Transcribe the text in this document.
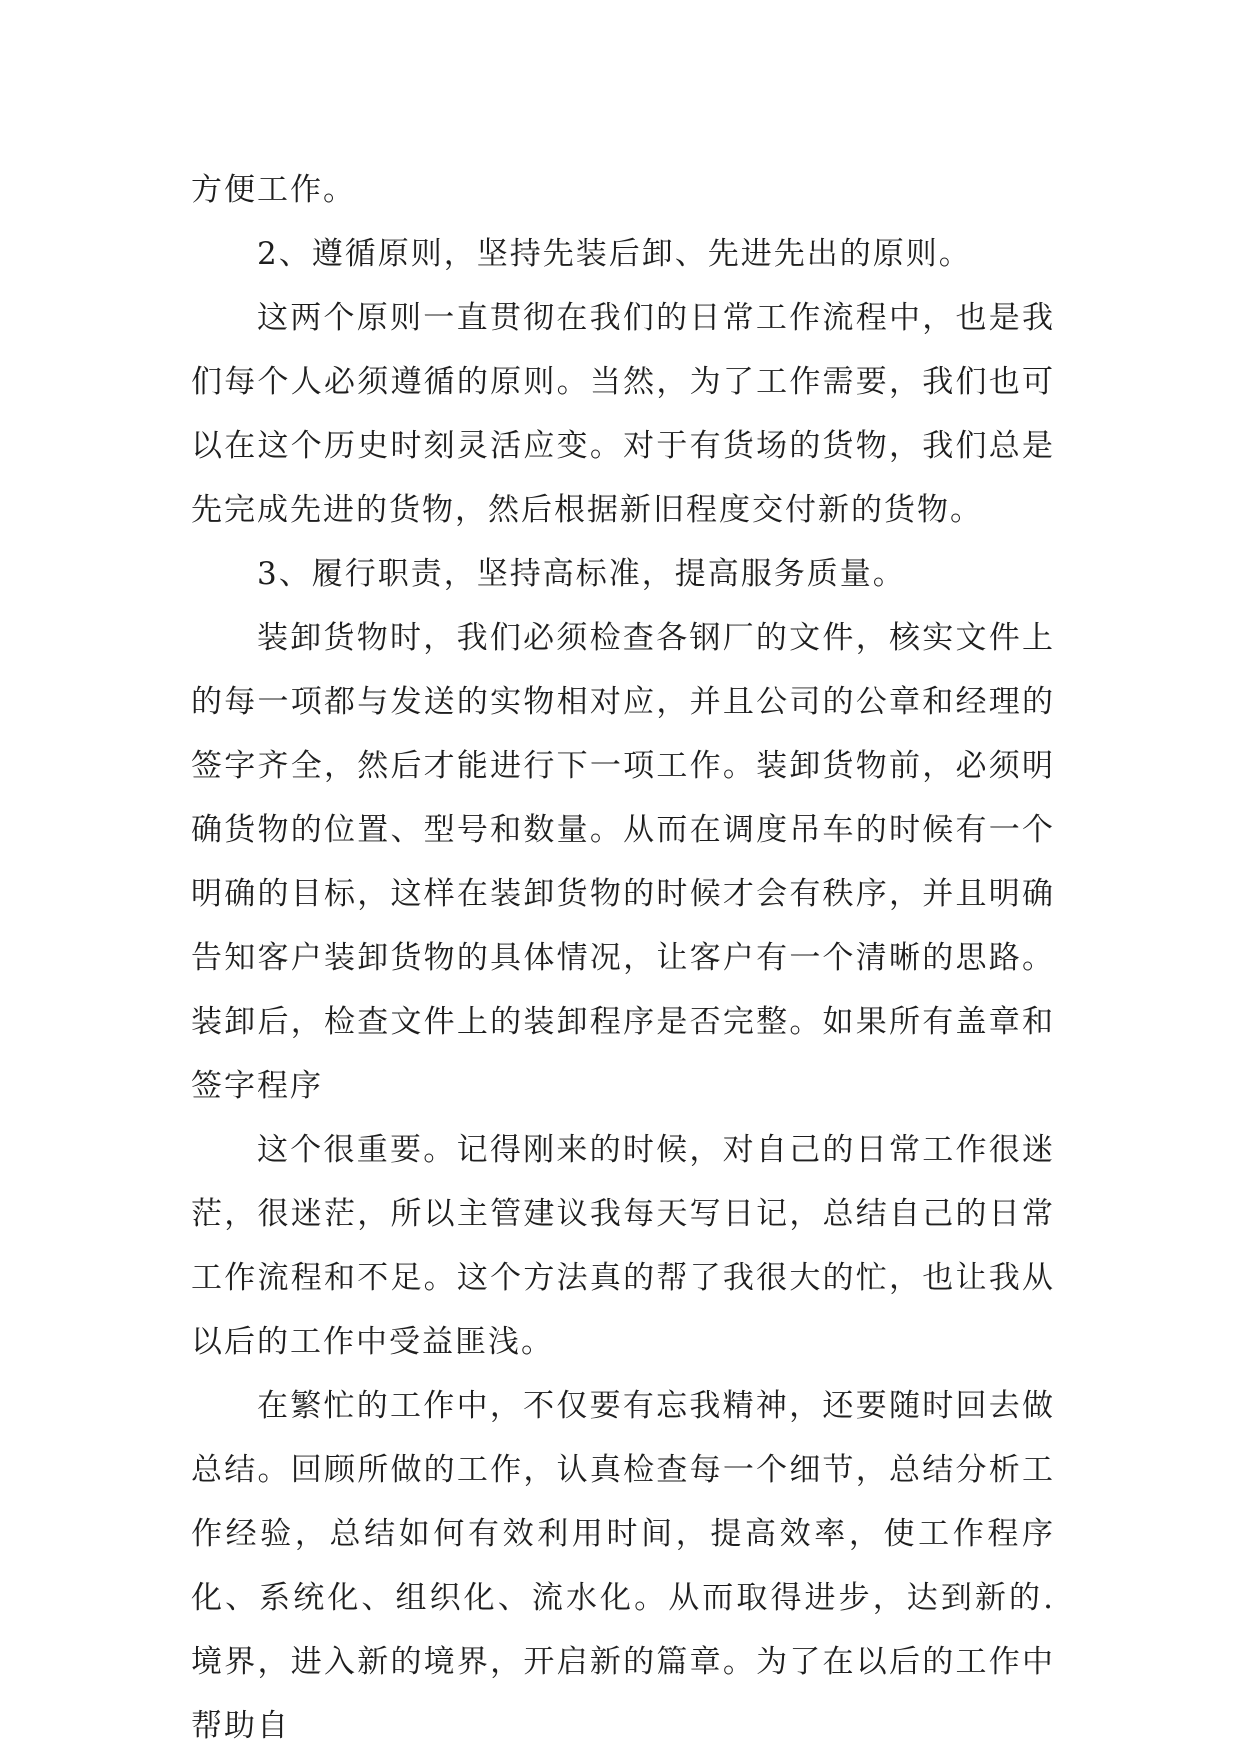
方便工作。

2、遵循原则，坚持先装后卸、先进先出的原则。

这两个原则一直贯彻在我们的日常工作流程中，也是我们每个人必须遵循的原则。当然，为了工作需要，我们也可以在这个历史时刻灵活应变。对于有货场的货物，我们总是先完成先进的货物，然后根据新旧程度交付新的货物。

3、履行职责，坚持高标准，提高服务质量。

装卸货物时，我们必须检查各钢厂的文件，核实文件上的每一项都与发送的实物相对应，并且公司的公章和经理的签字齐全，然后才能进行下一项工作。装卸货物前，必须明确货物的位置、型号和数量。从而在调度吊车的时候有一个明确的目标，这样在装卸货物的时候才会有秩序，并且明确告知客户装卸货物的具体情况，让客户有一个清晰的思路。装卸后，检查文件上的装卸程序是否完整。如果所有盖章和签字程序

这个很重要。记得刚来的时候，对自己的日常工作很迷茫，很迷茫，所以主管建议我每天写日记，总结自己的日常工作流程和不足。这个方法真的帮了我很大的忙，也让我从以后的工作中受益匪浅。

在繁忙的工作中，不仅要有忘我精神，还要随时回去做总结。回顾所做的工作，认真检查每一个细节，总结分析工作经验，总结如何有效利用时间，提高效率，使工作程序化、系统化、组织化、流水化。从而取得进步，达到新的.境界，进入新的境界，开启新的篇章。为了在以后的工作中帮助自
